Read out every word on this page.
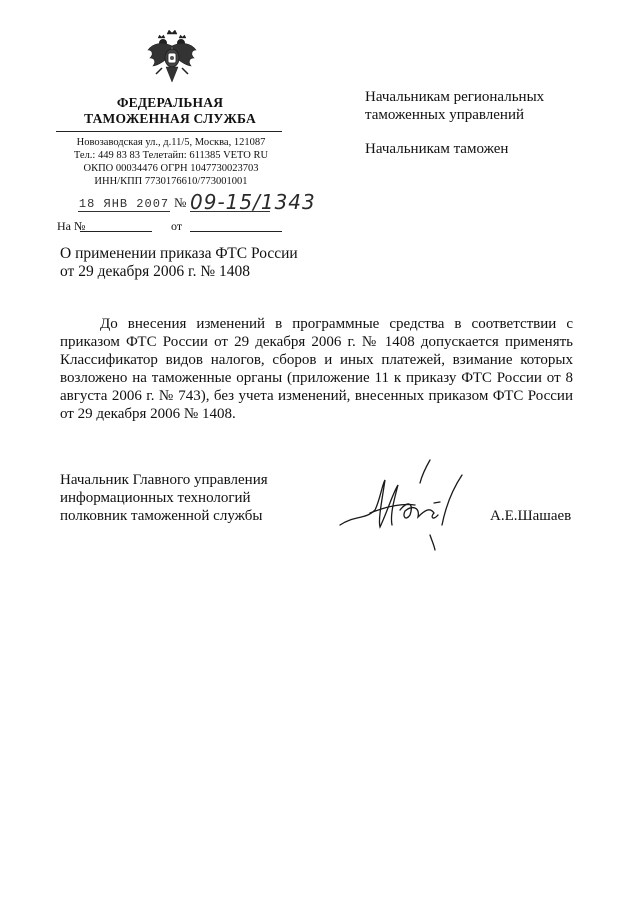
ФЕДЕРАЛЬНАЯ
ТАМОЖЕННАЯ СЛУЖБА
Новозаводская ул., д.11/5, Москва, 121087
Тел.: 449 83 83 Телетайп: 611385 VETO RU
ОКПО 00034476 ОГРН 1047730023703
ИНН/КПП 7730176610/773001001
18 ЯНВ 2007 № 09-15/1343
На №	от
Начальникам региональных
таможенных управлений
Начальникам таможен
О применении приказа ФТС России
от 29 декабря 2006 г. № 1408
До внесения изменений в программные средства в соответствии с приказом ФТС России от 29 декабря 2006 г. № 1408 допускается применять Классификатор видов налогов, сборов и иных платежей, взимание которых возложено на таможенные органы (приложение 11 к приказу ФТС России от 8 августа 2006 г. № 743), без учета изменений, внесенных приказом ФТС России от 29 декабря 2006 № 1408.
Начальник Главного управления
информационных технологий
полковник таможенной службы	А.Е.Шашаев
